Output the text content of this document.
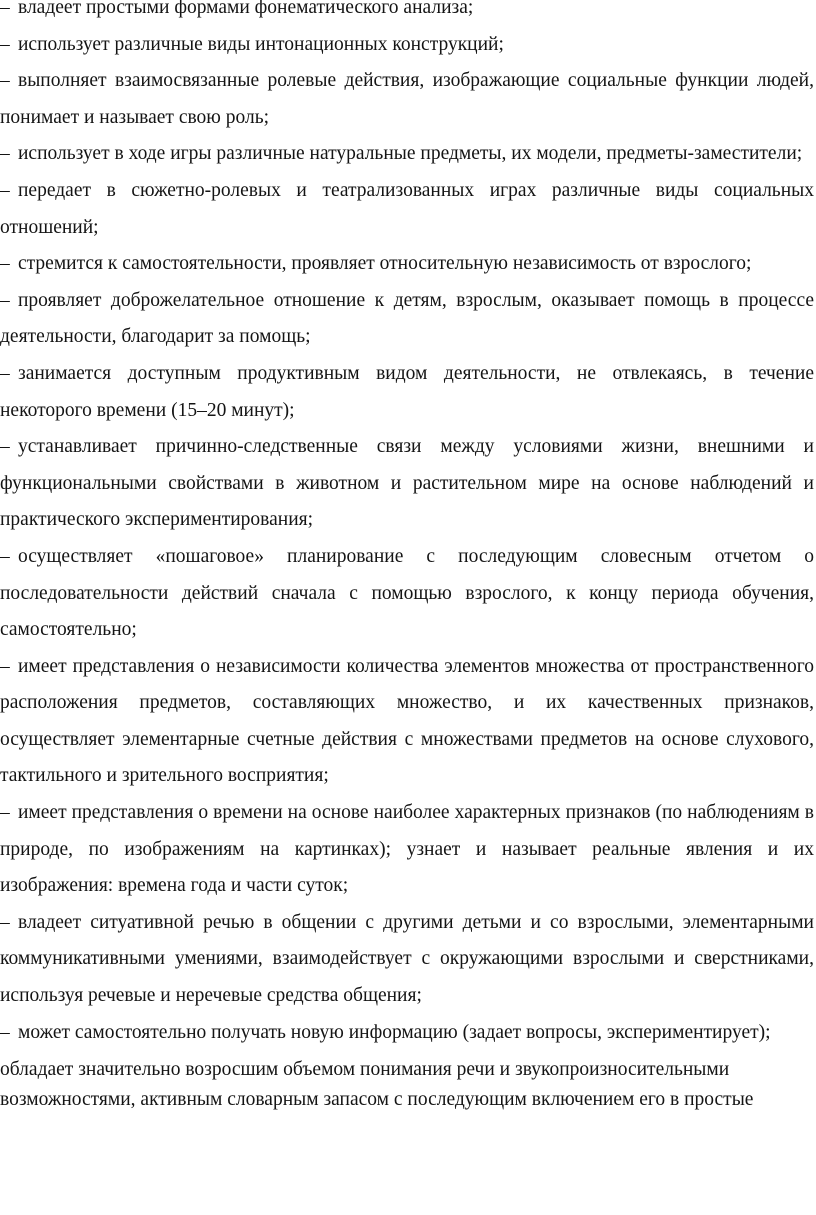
– владеет простыми формами фонематического анализа;

– использует различные виды интонационных конструкций;

– выполняет взаимосвязанные ролевые действия, изображающие социальные функции людей, понимает и называет свою роль;

– использует в ходе игры различные натуральные предметы, их модели, предметы-заместители;

– передает в сюжетно-ролевых и театрализованных играх различные виды социальных отношений;

– стремится к самостоятельности, проявляет относительную независимость от взрослого;

– проявляет доброжелательное отношение к детям, взрослым, оказывает помощь в процессе деятельности, благодарит за помощь;

– занимается доступным продуктивным видом деятельности, не отвлекаясь, в течение некоторого времени (15–20 минут);

– устанавливает причинно-следственные связи между условиями жизни, внешними и функциональными свойствами в животном и растительном мире на основе наблюдений и практического экспериментирования;

– осуществляет «пошаговое» планирование с последующим словесным отчетом о последовательности действий сначала с помощью взрослого, к концу периода обучения, самостоятельно;

– имеет представления о независимости количества элементов множества от пространственного расположения предметов, составляющих множество, и их качественных признаков, осуществляет элементарные счетные действия с множествами предметов на основе слухового, тактильного и зрительного восприятия;

– имеет представления о времени на основе наиболее характерных признаков (по наблюдениям в природе, по изображениям на картинках); узнает и называет реальные явления и их изображения: времена года и части суток;

– владеет ситуативной речью в общении с другими детьми и со взрослыми, элементарными коммуникативными умениями, взаимодействует с окружающими взрослыми и сверстниками, используя речевые и неречевые средства общения;

– может самостоятельно получать новую информацию (задает вопросы, экспериментирует);

обладает значительно возросшим объемом понимания речи и звукопроизносительными возможностями, активным словарным запасом с последующим включением его в простые
